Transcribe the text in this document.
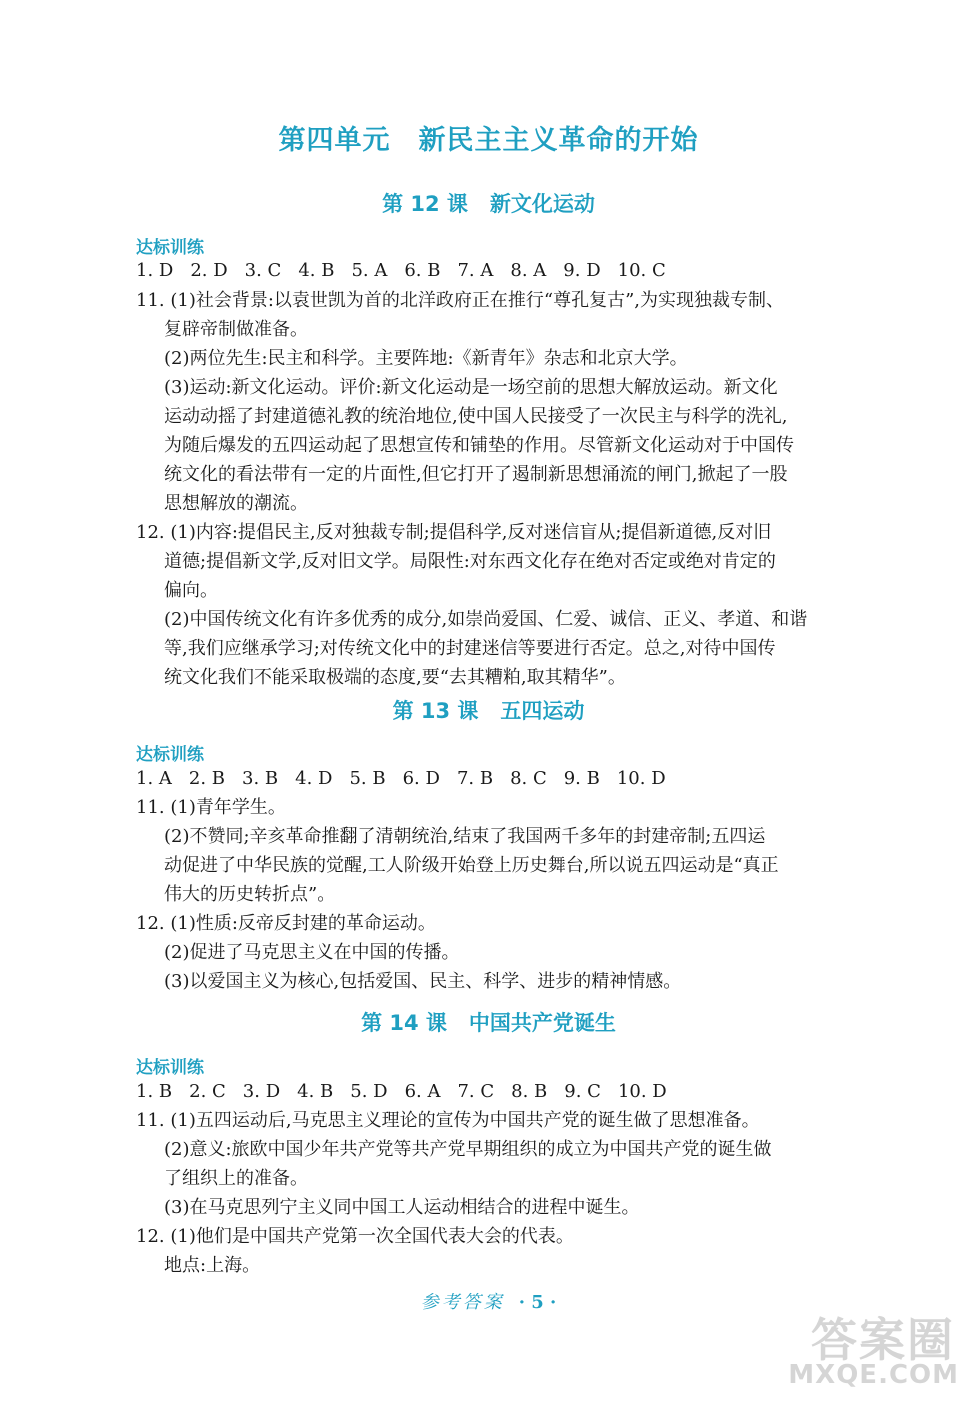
第四单元 新民主主义革命的开始
第 12 课 新文化运动
达标训练
1. D 2. D 3. C 4. B 5. A 6. B 7. A 8. A 9. D 10. C
11. (1)社会背景:以袁世凯为首的北洋政府正在推行“尊孔复古”,为实现独裁专制、
复辟帝制做准备。
(2)两位先生:民主和科学。主要阵地:《新青年》杂志和北京大学。
(3)运动:新文化运动。评价:新文化运动是一场空前的思想大解放运动。新文化
运动动摇了封建道德礼教的统治地位,使中国人民接受了一次民主与科学的洗礼,
为随后爆发的五四运动起了思想宣传和铺垫的作用。尽管新文化运动对于中国传
统文化的看法带有一定的片面性,但它打开了遏制新思想涌流的闸门,掀起了一股
思想解放的潮流。
12. (1)内容:提倡民主,反对独裁专制;提倡科学,反对迷信盲从;提倡新道德,反对旧
道德;提倡新文学,反对旧文学。局限性:对东西文化存在绝对否定或绝对肯定的
偏向。
(2)中国传统文化有许多优秀的成分,如崇尚爱国、仁爱、诚信、正义、孝道、和谐
等,我们应继承学习;对传统文化中的封建迷信等要进行否定。总之,对待中国传
统文化我们不能采取极端的态度,要“去其糟粕,取其精华”。
第 13 课 五四运动
达标训练
1. A 2. B 3. B 4. D 5. B 6. D 7. B 8. C 9. B 10. D
11. (1)青年学生。
(2)不赞同;辛亥革命推翻了清朝统治,结束了我国两千多年的封建帝制;五四运
动促进了中华民族的觉醒,工人阶级开始登上历史舞台,所以说五四运动是“真正
伟大的历史转折点”。
12. (1)性质:反帝反封建的革命运动。
(2)促进了马克思主义在中国的传播。
(3)以爱国主义为核心,包括爱国、民主、科学、进步的精神情感。
第 14 课 中国共产党诞生
达标训练
1. B 2. C 3. D 4. B 5. D 6. A 7. C 8. B 9. C 10. D
11. (1)五四运动后,马克思主义理论的宣传为中国共产党的诞生做了思想准备。
(2)意义:旅欧中国少年共产党等共产党早期组织的成立为中国共产党的诞生做
了组织上的准备。
(3)在马克思列宁主义同中国工人运动相结合的进程中诞生。
12. (1)他们是中国共产党第一次全国代表大会的代表。
地点:上海。
参考答案 · 5 ·
答案圈
MXQE.COM
